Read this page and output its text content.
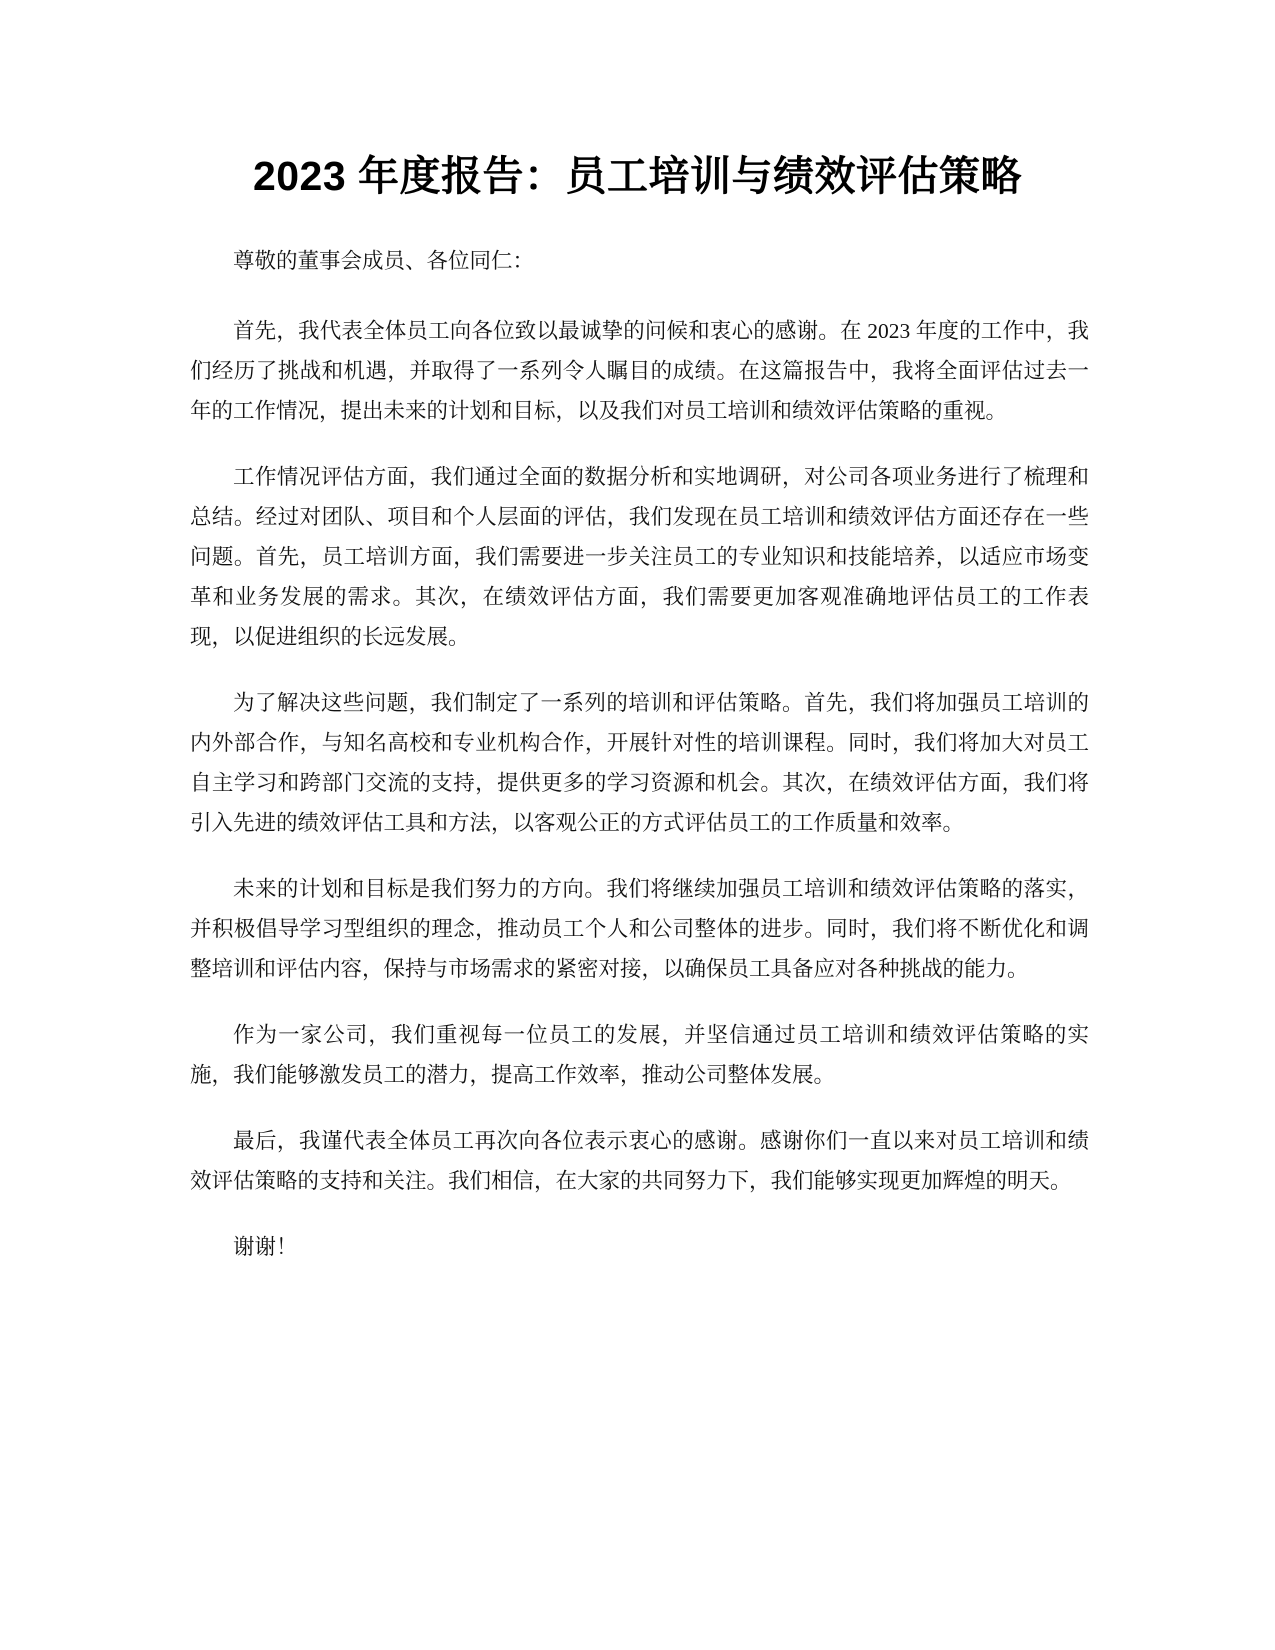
2023 年度报告：员工培训与绩效评估策略

尊敬的董事会成员、各位同仁：

首先，我代表全体员工向各位致以最诚挚的问候和衷心的感谢。在 2023 年度的工作中，我们经历了挑战和机遇，并取得了一系列令人瞩目的成绩。在这篇报告中，我将全面评估过去一年的工作情况，提出未来的计划和目标，以及我们对员工培训和绩效评估策略的重视。

工作情况评估方面，我们通过全面的数据分析和实地调研，对公司各项业务进行了梳理和总结。经过对团队、项目和个人层面的评估，我们发现在员工培训和绩效评估方面还存在一些问题。首先，员工培训方面，我们需要进一步关注员工的专业知识和技能培养，以适应市场变革和业务发展的需求。其次，在绩效评估方面，我们需要更加客观准确地评估员工的工作表现，以促进组织的长远发展。

为了解决这些问题，我们制定了一系列的培训和评估策略。首先，我们将加强员工培训的内外部合作，与知名高校和专业机构合作，开展针对性的培训课程。同时，我们将加大对员工自主学习和跨部门交流的支持，提供更多的学习资源和机会。其次，在绩效评估方面，我们将引入先进的绩效评估工具和方法，以客观公正的方式评估员工的工作质量和效率。

未来的计划和目标是我们努力的方向。我们将继续加强员工培训和绩效评估策略的落实，并积极倡导学习型组织的理念，推动员工个人和公司整体的进步。同时，我们将不断优化和调整培训和评估内容，保持与市场需求的紧密对接，以确保员工具备应对各种挑战的能力。

作为一家公司，我们重视每一位员工的发展，并坚信通过员工培训和绩效评估策略的实施，我们能够激发员工的潜力，提高工作效率，推动公司整体发展。

最后，我谨代表全体员工再次向各位表示衷心的感谢。感谢你们一直以来对员工培训和绩效评估策略的支持和关注。我们相信，在大家的共同努力下，我们能够实现更加辉煌的明天。

谢谢！
